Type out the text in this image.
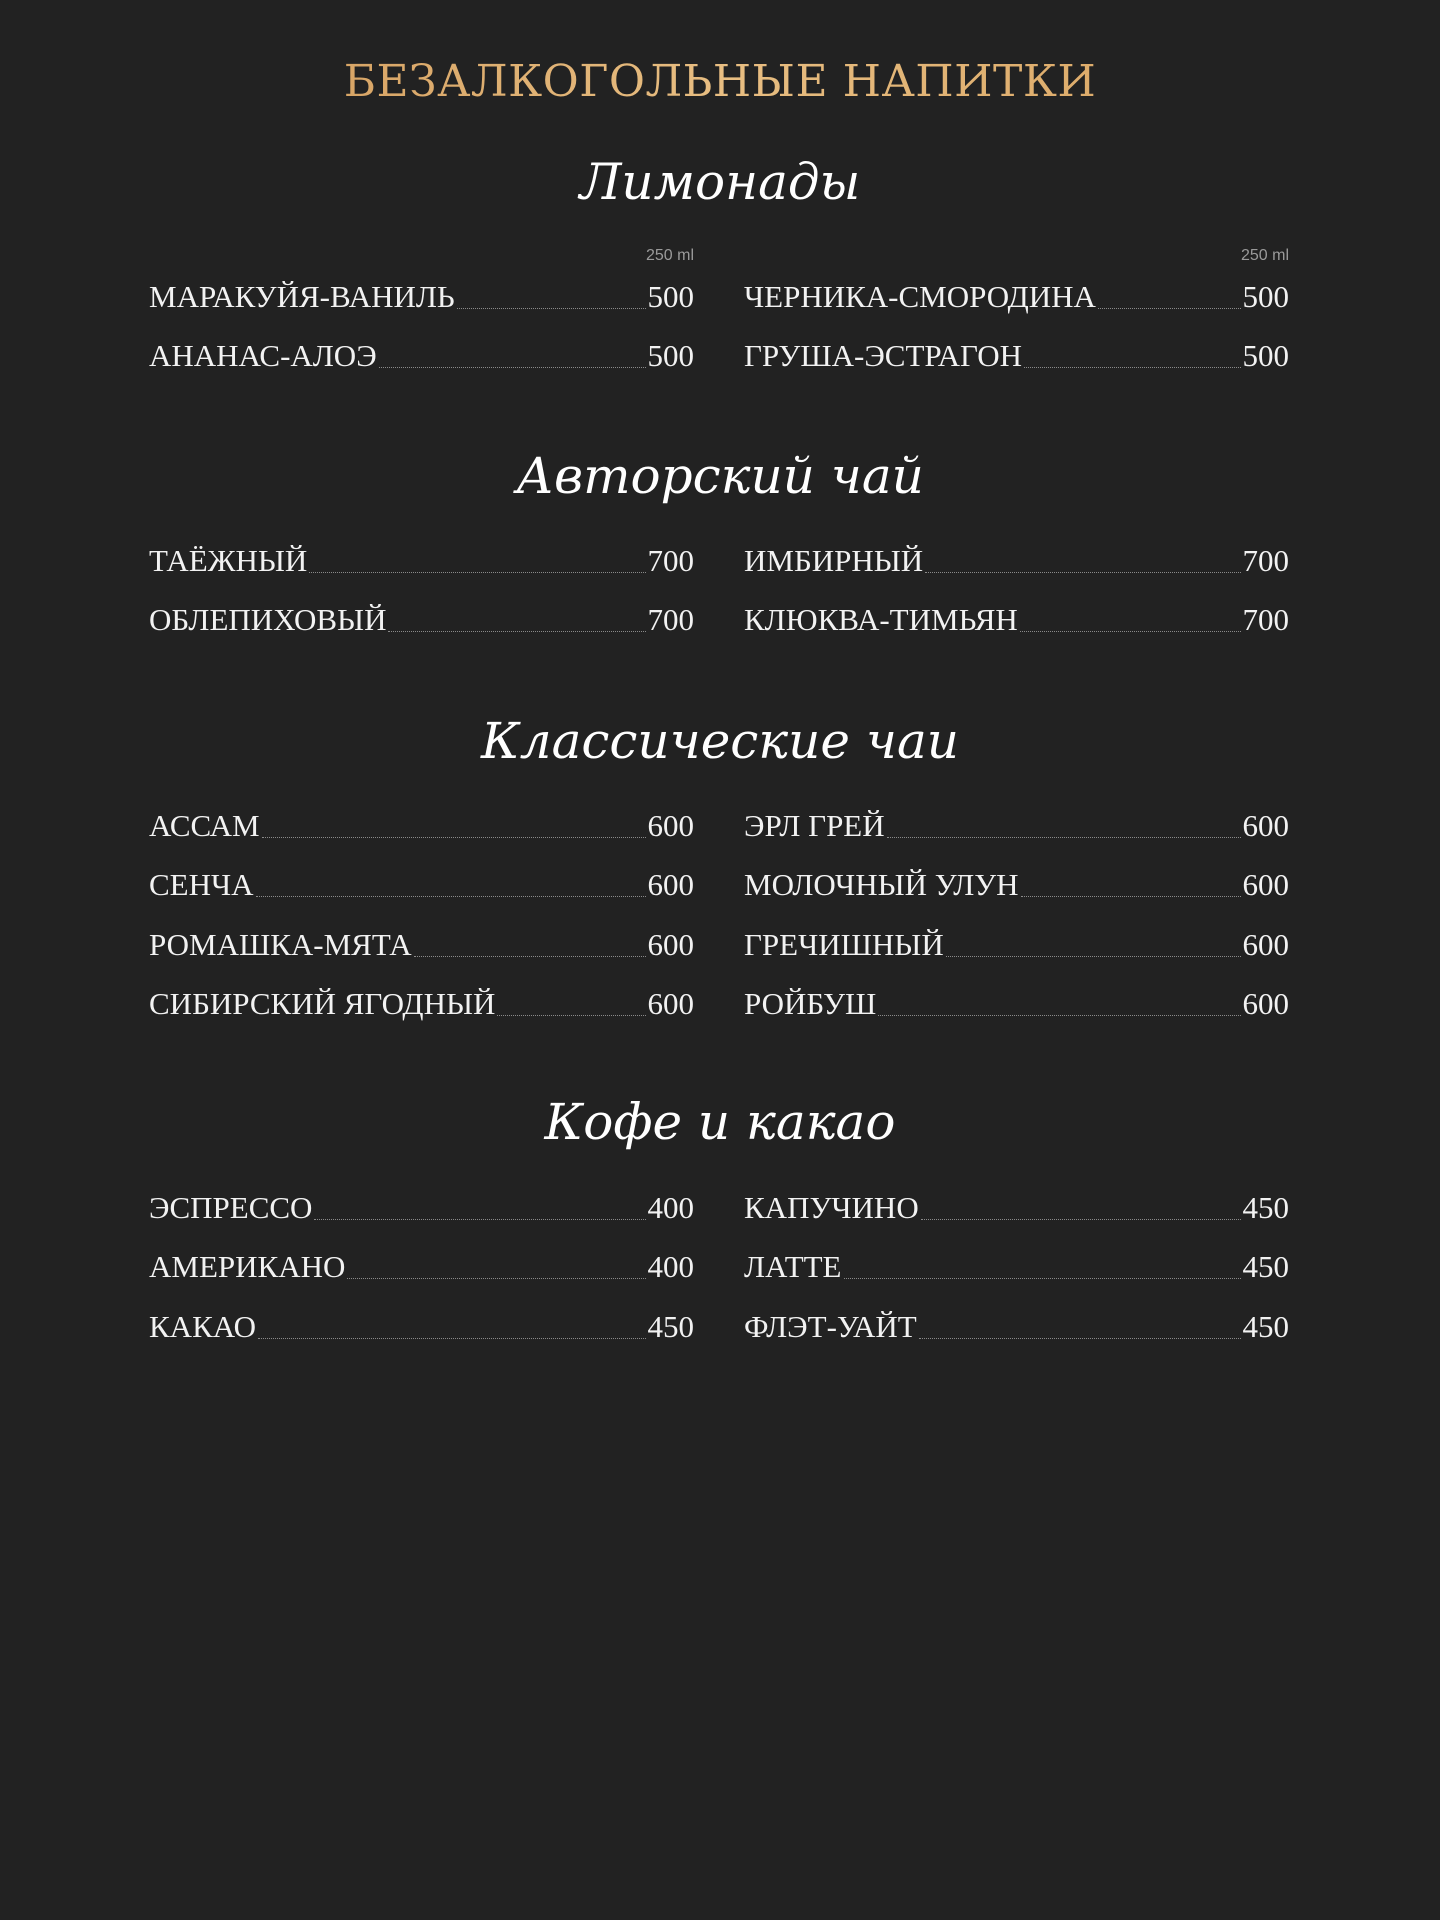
БЕЗАЛКОГОЛЬНЫЕ НАПИТКИ
Лимонады
250 ml
МАРАКУЙЯ-ВАНИЛЬ	500
АНАНАС-АЛОЭ	500
250 ml
ЧЕРНИКА-СМОРОДИНА	500
ГРУША-ЭСТРАГОН	500
Авторский чай
ТАЁЖНЫЙ	700
ОБЛЕПИХОВЫЙ	700
ИМБИРНЫЙ	700
КЛЮКВА-ТИМЬЯН	700
Классические чаи
АССАМ	600
СЕНЧА	600
РОМАШКА-МЯТА	600
СИБИРСКИЙ ЯГОДНЫЙ	600
ЭРЛ ГРЕЙ	600
МОЛОЧНЫЙ УЛУН	600
ГРЕЧИШНЫЙ	600
РОЙБУШ	600
Кофе и какао
ЭСПРЕССО	400
АМЕРИКАНО	400
КАКАО	450
КАПУЧИНО	450
ЛАТТЕ	450
ФЛЭТ-УАЙТ	450
